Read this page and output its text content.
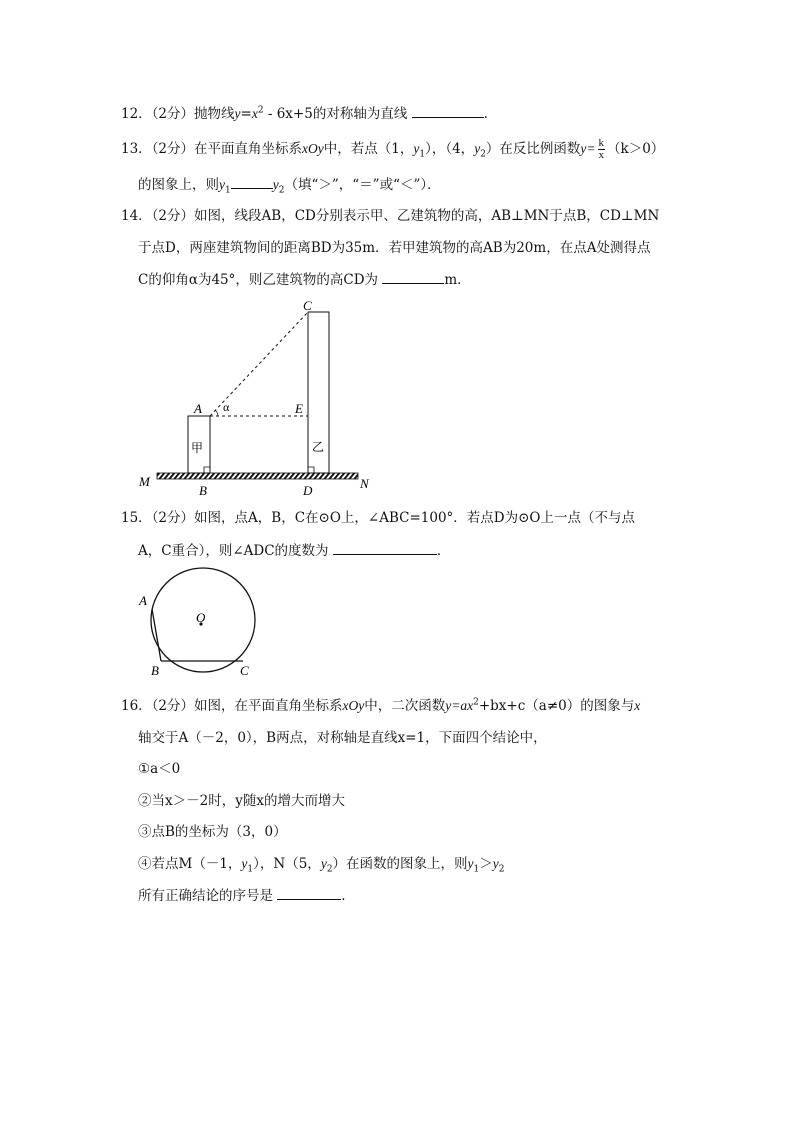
12．（2分）抛物线$y=x^2 - 6x+5$的对称轴为直线	.
13．（2分）在平面直角坐标系xOy中，若点（1，$y_1$），（4，$y_2$）在反比例函数$y= \frac{k}{x} (k>0)$
的图象上，则$y_1$	$y_2$（填“＞”，“＝”或“＜”）．
14．（2分）如图，线段AB，CD分别表示甲、乙建筑物的高，AB⊥MN于点B，CD⊥MN
于点D，两座建筑物间的距离BD为35m．若甲建筑物的高AB为20m，在点A处测得点
C的仰角α为45°，则乙建筑物的高CD为	m．
C
A α	E
甲	乙
M	N
B	D
A
O
B	C
15．（2分）如图，点A，B，C在⊙O上，∠ABC=100°．若点D为⊙O上一点（不与点
A，C重合），则∠ADC的度数为	．
16．（2分）如图，在平面直角坐标系xOy中，二次函数$y=ax^2+bx+c(a\ne 0)$的图象与x
轴交于A（－2，0），B两点，对称轴是直线x=1，下面四个结论中，
①a＜0
②当x＞－2时，y随x的增大而增大
③点B的坐标为（3，0）
④若点M（－1，$y_1$），N（5，$y_2$）在函数的图象上，则$y_1>y_2$
所有正确结论的序号是	.
